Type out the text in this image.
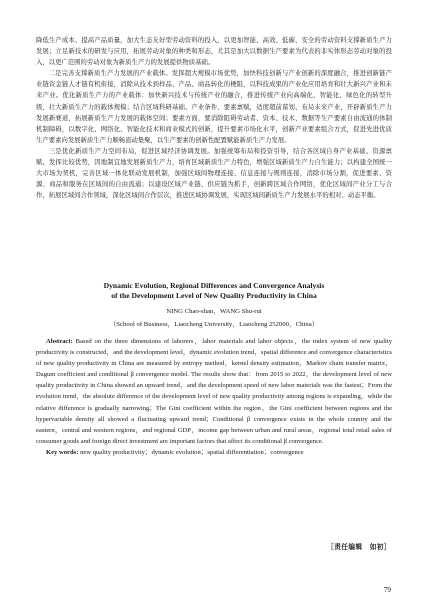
降低生产成本、提高产品质量，加大生态友好型劳动资料的投入，以更加智能、高效、低碳、安全的劳动资料支撑新质生产力发展；立足新技术的研发与应用，拓展劳动对象的种类和形态，尤其是加大以数据生产要素为代表的非实体形态劳动对象的投入，以更广范围的劳动对象为新质生产力的发展提供物质基础。

二是完善支撑新质生产力发展的产业载体。发挥超大规模市场优势，加快科技创新与产业创新的深度融合，推进创新链产业链资金链人才链有机衔接，消除从技术到样品、产品、商品转化的梗阻，以科技成果的产业化应用培育和壮大新兴产业和未来产业。优化新质生产力的产业载体：加快新兴技术与传统产业的融合，推进传统产业向高端化、智能化、绿色化的转型升级，壮大新质生产力的载体规模；结合区域科研基础、产业条件、要素禀赋，适度超前谋划、布局未来产业，开辟新质生产力发展新赛道，拓展新质生产力发展的载体空间；要素方面，要消除阻碍劳动者、资本、技术、数据等生产要素自由流通的体制机制障碍，以数字化、网络化、智能化技术和商业模式的创新，提升要素市场化水平，创新产业要素组合方式，促进先进优质生产要素向发展新质生产力顺畅流动集聚，以生产要素的创新性配置赋能新质生产力发展。

三是优化新质生产力空间布局，促进区域经济协调发展。加强统筹布局和投资引导，结合各区域自身产业基础、资源禀赋、发挥比较优势，因地制宜地发展新质生产力，培育区域新质生产力特色，增强区域新质生产力自生能力；以构建全国统一大市场为契机，完善区域一体化联动发展机制，加强区域间物理连接、信息连接与规则连接，消除市场分割，促进要素、资源、商品和服务在区域间的自由流通；以建设区域产业链、供应链为抓手，创新跨区域合作网络，优化区域间产业分工与合作，拓展区域间合作领域，深化区域间合作层次，推进区域协调发展，实现区域间新质生产力发展水平的相对、动态平衡。

Dynamic Evolution, Regional Differences and Convergence Analysis
of the Development Level of New Quality Productivity in China
NING Chao-shan，WANG Shu-rui
（School of Business，Liaocheng University，Liaocheng 252000，China）

Abstract: Based on the three dimensions of laborers，labor materials and labor objects，the index system of new quality productivity is constructed，and the development level，dynamic evolution trend，spatial difference and convergence characteristics of new quality productivity in China are measured by entropy method，kernel density estimation，Markov chain transfer matrix，Dagum coefficient and conditional β convergence model. The results show that：from 2015 to 2022，the development level of new quality productivity in China showed an upward trend，and the development speed of new labor materials was the fastest；From the evolution trend，the absolute difference of the development level of new quality productivity among regions is expanding，while the relative difference is gradually narrowing；The Gini coefficient within the region，the Gini coefficient between regions and the hypervariable density all showed a fluctuating upward trend；Conditional β convergence exists in the whole country and the eastern，central and western regions，and regional GDP，income gap between urban and rural areas，regional total retail sales of consumer goods and foreign direct investment are important factors that affect its conditional β convergence.

Key words: new quality productivity；dynamic evolution；spatial differentiation；convergence

［责任编辑　如初］
79
